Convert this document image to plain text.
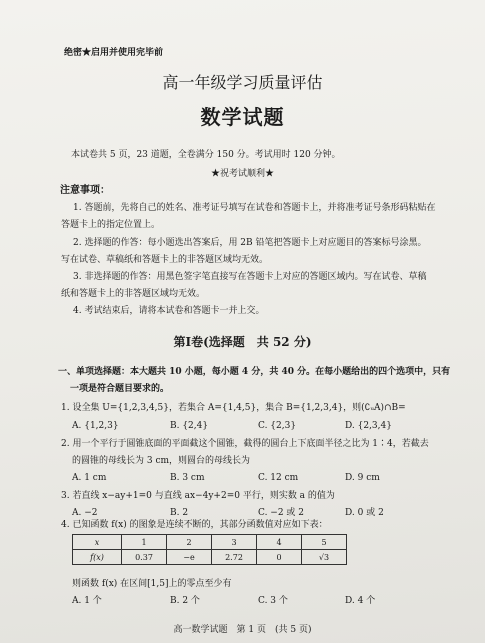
绝密★启用并使用完毕前
高一年级学习质量评估
数学试题
本试卷共 5 页，23 道题，全卷满分 150 分。考试用时 120 分钟。
★祝考试顺利★
注意事项：
1. 答题前，先将自己的姓名、准考证号填写在试卷和答题卡上，并将准考证号条形码粘贴在
答题卡上的指定位置上。
2. 选择题的作答：每小题选出答案后，用 2B 铅笔把答题卡上对应题目的答案标号涂黑。
写在试卷、草稿纸和答题卡上的非答题区域均无效。
3. 非选择题的作答：用黑色签字笔直接写在答题卡上对应的答题区域内。写在试卷、草稿
纸和答题卡上的非答题区域均无效。
4. 考试结束后，请将本试卷和答题卡一并上交。
第Ⅰ卷(选择题　共 52 分)
一、单项选择题：本大题共 10 小题，每小题 4 分，共 40 分。在每小题给出的四个选项中，只有
一项是符合题目要求的。
1. 设全集 U={1,2,3,4,5}，若集合 A={1,4,5}，集合 B={1,2,3,4}，则(∁ᵤA)∩B=
A. {1,2,3}	B. {2,4}	C. {2,3}	D. {2,3,4}
2. 用一个平行于圆锥底面的平面截这个圆锥，截得的圆台上下底面半径之比为 1∶4，若截去
的圆锥的母线长为 3 cm，则圆台的母线长为
A. 1 cm	B. 3 cm	C. 12 cm	D. 9 cm
3. 若直线 x−ay+1=0 与直线 ax−4y+2=0 平行，则实数 a 的值为
A. −2	B. 2	C. −2 或 2	D. 0 或 2
4. 已知函数 f(x) 的图象是连续不断的，其部分函数值对应如下表：
x	1	2	3	4	5
f(x)	0.37	−e	2.72	0	√3
则函数 f(x) 在区间[1,5]上的零点至少有
A. 1 个	B. 2 个	C. 3 个	D. 4 个
高一数学试题　第 1 页　(共 5 页)
